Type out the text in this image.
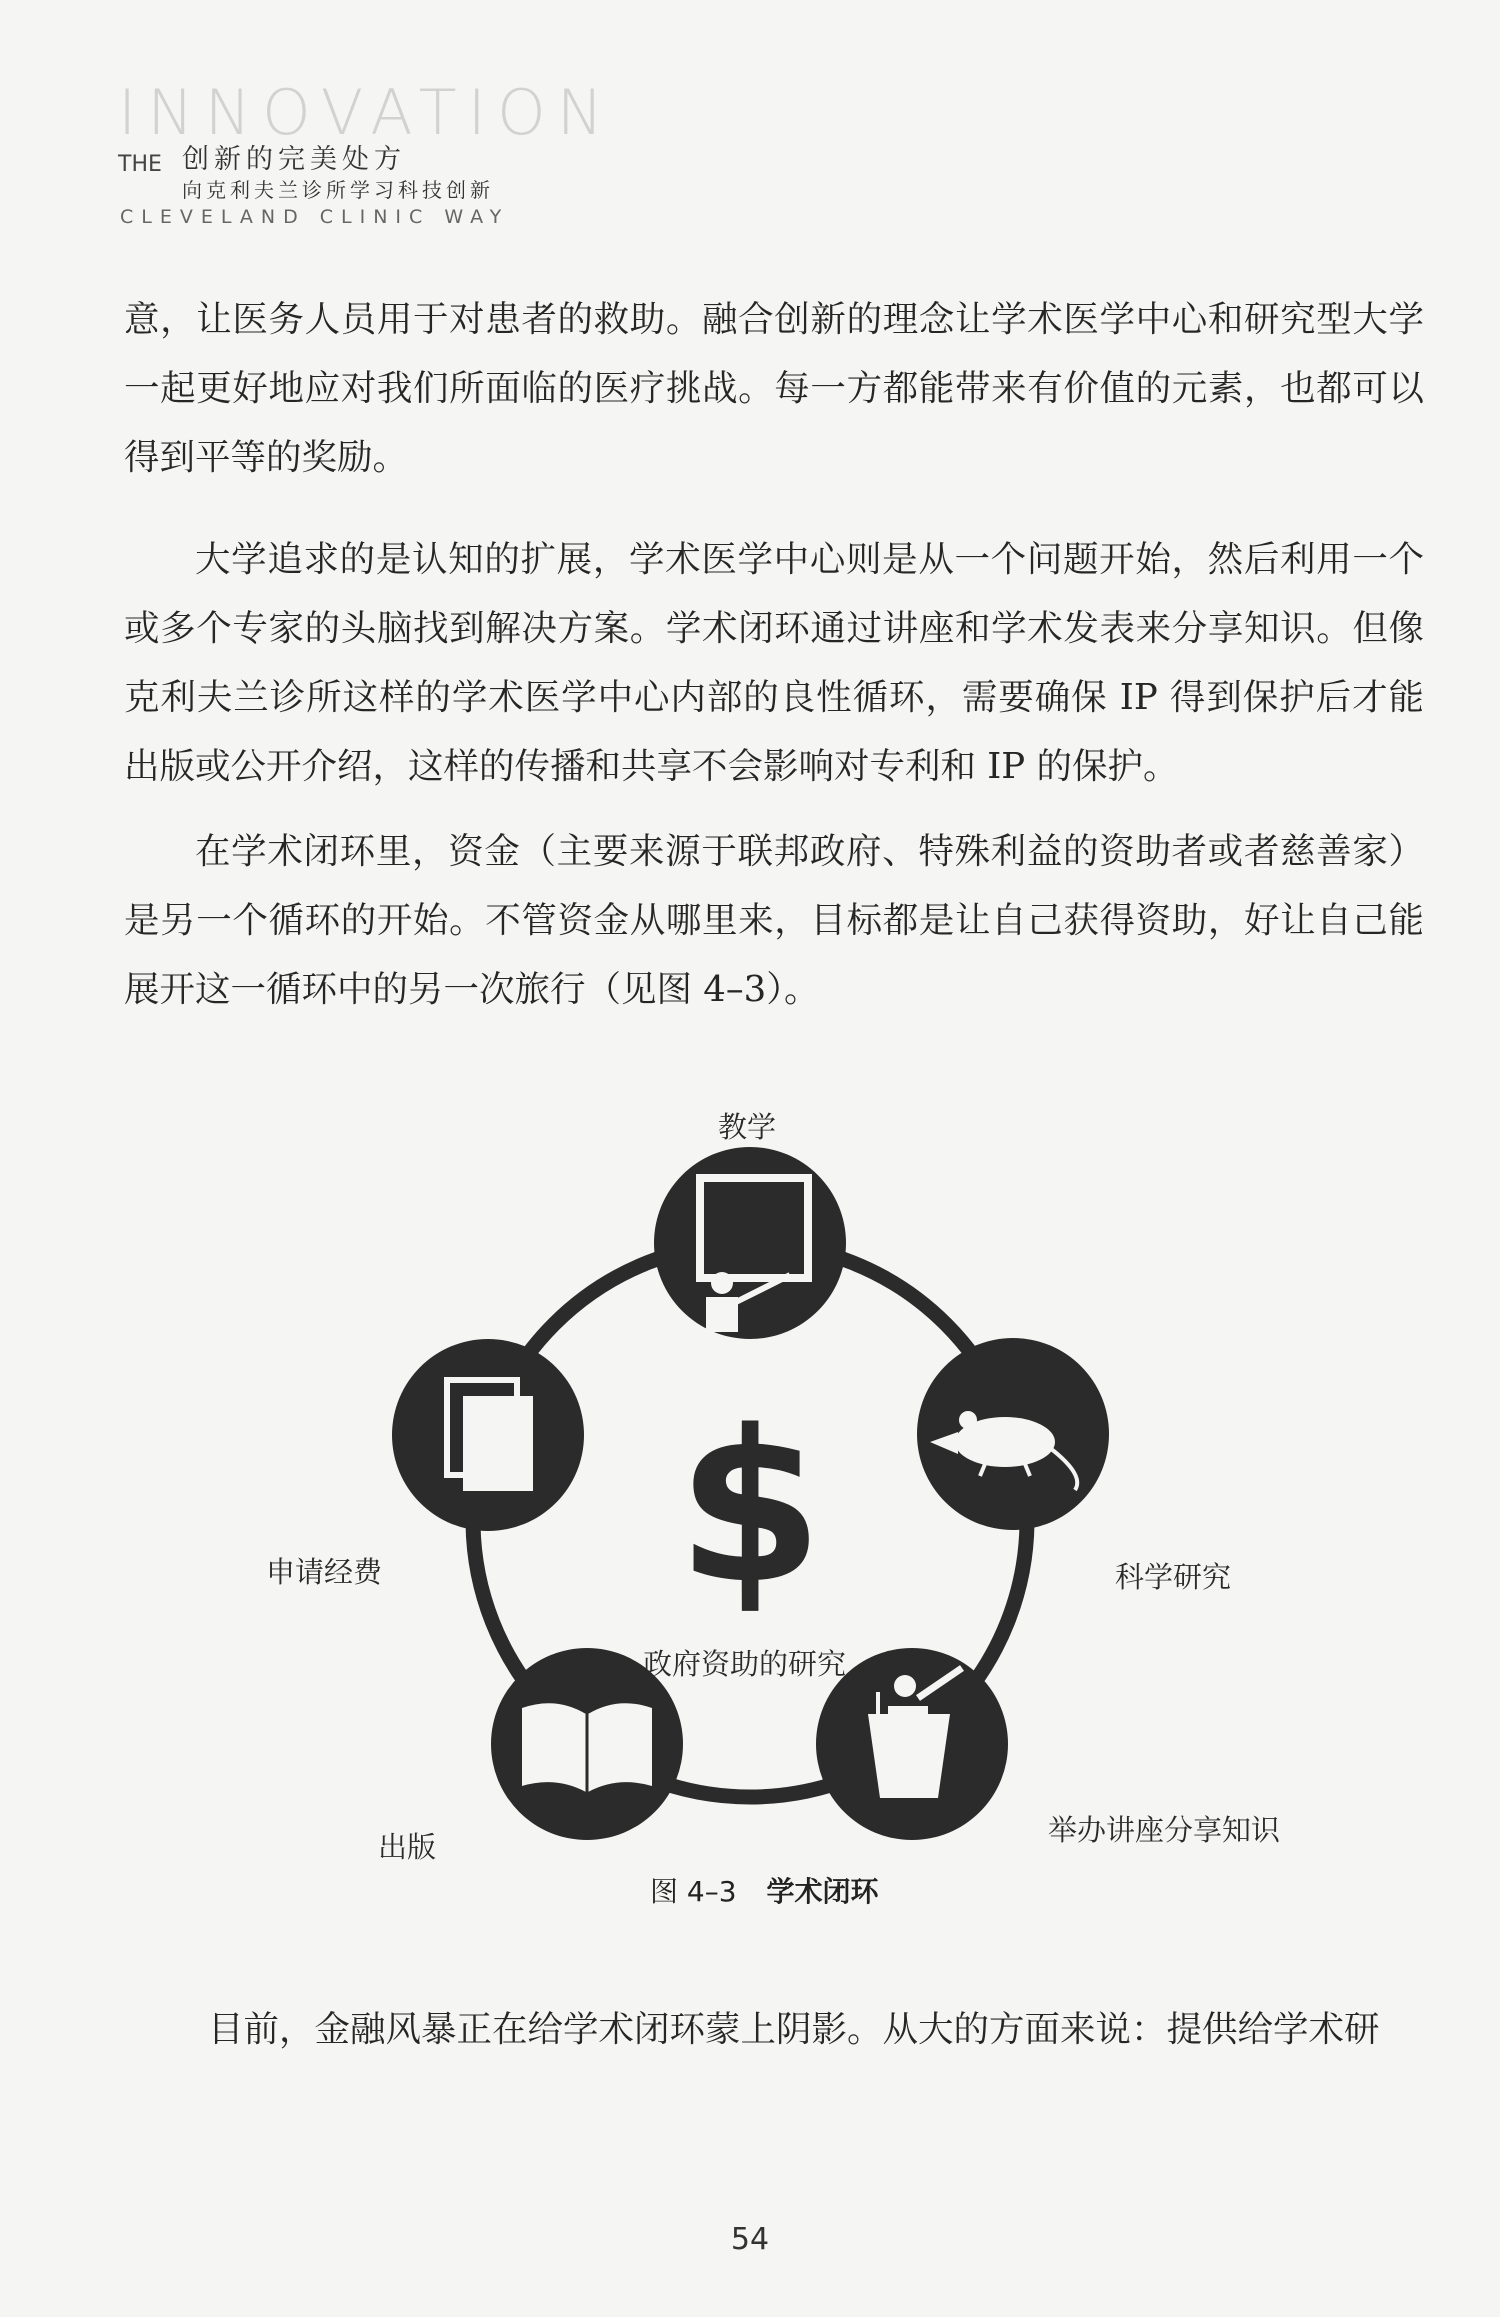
INNOVATION
THE 创新的完美处方
向克利夫兰诊所学习科技创新
CLEVELAND CLINIC WAY

意，让医务人员用于对患者的救助。融合创新的理念让学术医学中心和研究型大学一起更好地应对我们所面临的医疗挑战。每一方都能带来有价值的元素，也都可以得到平等的奖励。

大学追求的是认知的扩展，学术医学中心则是从一个问题开始，然后利用一个或多个专家的头脑找到解决方案。学术闭环通过讲座和学术发表来分享知识。但像克利夫兰诊所这样的学术医学中心内部的良性循环，需要确保 IP 得到保护后才能出版或公开介绍，这样的传播和共享不会影响对专利和 IP 的保护。

在学术闭环里，资金（主要来源于联邦政府、特殊利益的资助者或者慈善家）是另一个循环的开始。不管资金从哪里来，目标都是让自己获得资助，好让自己能展开这一循环中的另一次旅行（见图 4–3）。

$
教学
科学研究
举办讲座分享知识
出版
申请经费
政府资助的研究
图 4–3 学术闭环

目前，金融风暴正在给学术闭环蒙上阴影。从大的方面来说：提供给学术研

54
